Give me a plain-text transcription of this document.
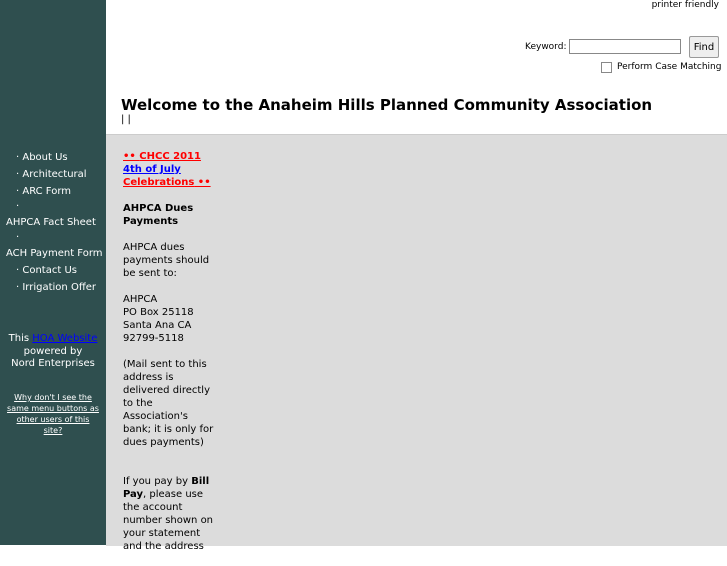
· About Us
· Architectural
· ARC Form
·
AHPCA Fact Sheet
·
ACH Payment Form
· Contact Us
· Irrigation Offer
This HOA Website
powered by
Nord Enterprises
Why don't I see the same menu buttons as other users of this site?
printer friendly
Keyword:	Find
Perform Case Matching
Welcome to the Anaheim Hills Planned Community Association
| |

•• CHCC 2011
4th of July
Celebrations ••

AHPCA Dues Payments

AHPCA dues payments should be sent to:

AHPCA
PO Box 25118
Santa Ana CA
92799-5118

(Mail sent to this address is delivered directly to the Association's bank; it is only for dues payments)

If you pay by Bill Pay, please use the account number shown on your statement and the address
